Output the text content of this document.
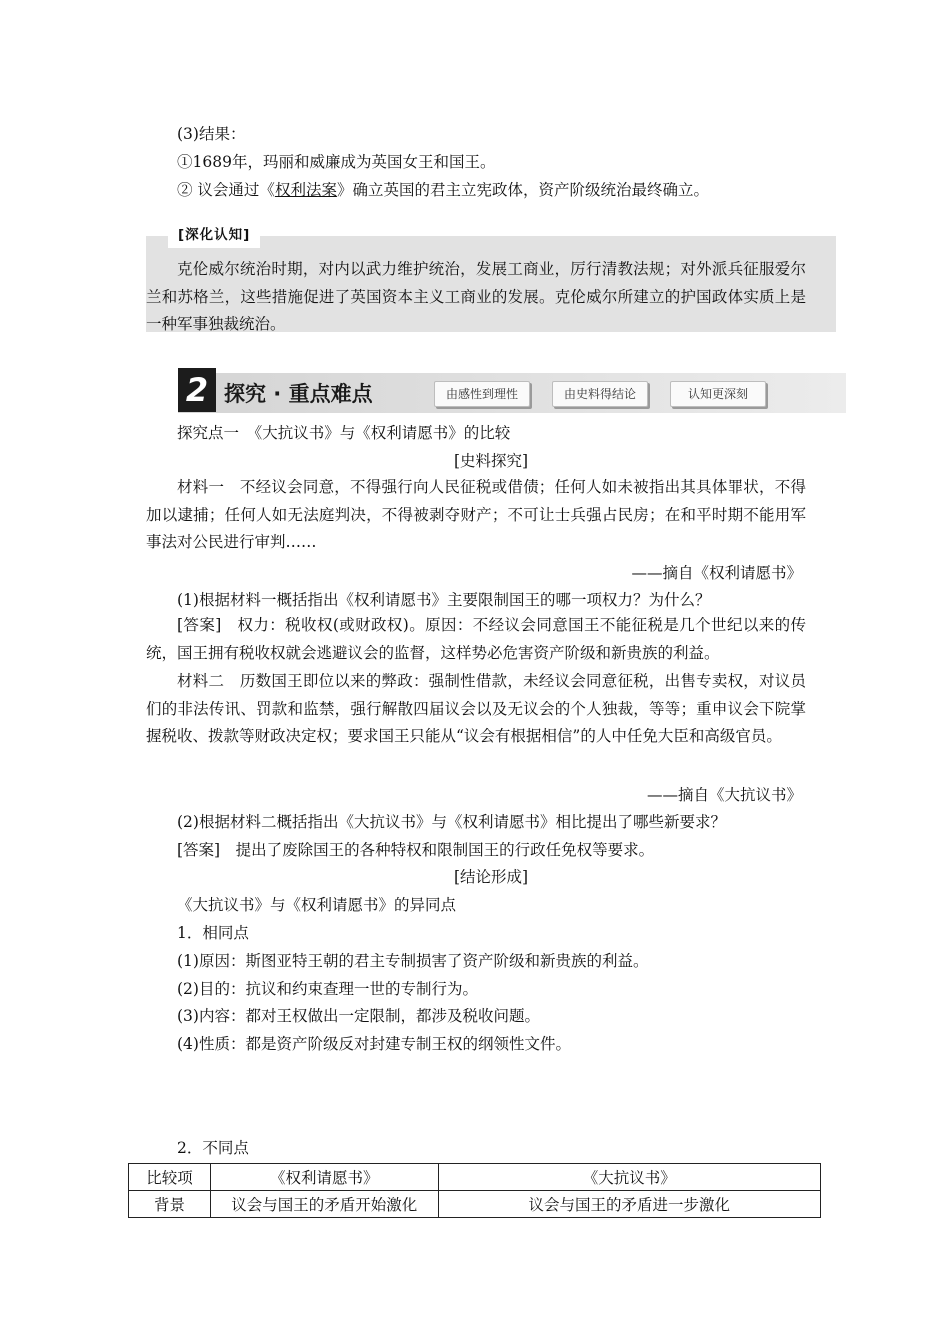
(3)结果：
①1689年，玛丽和威廉成为英国女王和国王。
② 议会通过《权利法案》确立英国的君主立宪政体，资产阶级统治最终确立。
[深化认知]
克伦威尔统治时期，对内以武力维护统治，发展工商业，厉行清教法规；对外派兵征服爱尔兰和苏格兰，这些措施促进了英国资本主义工商业的发展。克伦威尔所建立的护国政体实质上是一种军事独裁统治。
2 探究 · 重点难点	由感性到理性	由史料得结论	认知更深刻
探究点一　《大抗议书》与《权利请愿书》的比较
[史料探究]
材料一　不经议会同意，不得强行向人民征税或借债；任何人如未被指出其具体罪状，不得加以逮捕；任何人如无法庭判决，不得被剥夺财产；不可让士兵强占民房；在和平时期不能用军事法对公民进行审判……
——摘自《权利请愿书》
(1)根据材料一概括指出《权利请愿书》主要限制国王的哪一项权力？为什么？
[答案]　权力：税收权(或财政权)。原因：不经议会同意国王不能征税是几个世纪以来的传统，国王拥有税收权就会逃避议会的监督，这样势必危害资产阶级和新贵族的利益。
材料二　历数国王即位以来的弊政：强制性借款，未经议会同意征税，出售专卖权，对议员们的非法传讯、罚款和监禁，强行解散四届议会以及无议会的个人独裁，等等；重申议会下院掌握税收、拨款等财政决定权；要求国王只能从“议会有根据相信”的人中任免大臣和高级官员。
——摘自《大抗议书》
(2)根据材料二概括指出《大抗议书》与《权利请愿书》相比提出了哪些新要求？
[答案]　提出了废除国王的各种特权和限制国王的行政任免权等要求。
[结论形成]
《大抗议书》与《权利请愿书》的异同点
1．相同点
(1)原因：斯图亚特王朝的君主专制损害了资产阶级和新贵族的利益。
(2)目的：抗议和约束查理一世的专制行为。
(3)内容：都对王权做出一定限制，都涉及税收问题。
(4)性质：都是资产阶级反对封建专制王权的纲领性文件。
2．不同点
比较项	《权利请愿书》	《大抗议书》
背景	议会与国王的矛盾开始激化	议会与国王的矛盾进一步激化
